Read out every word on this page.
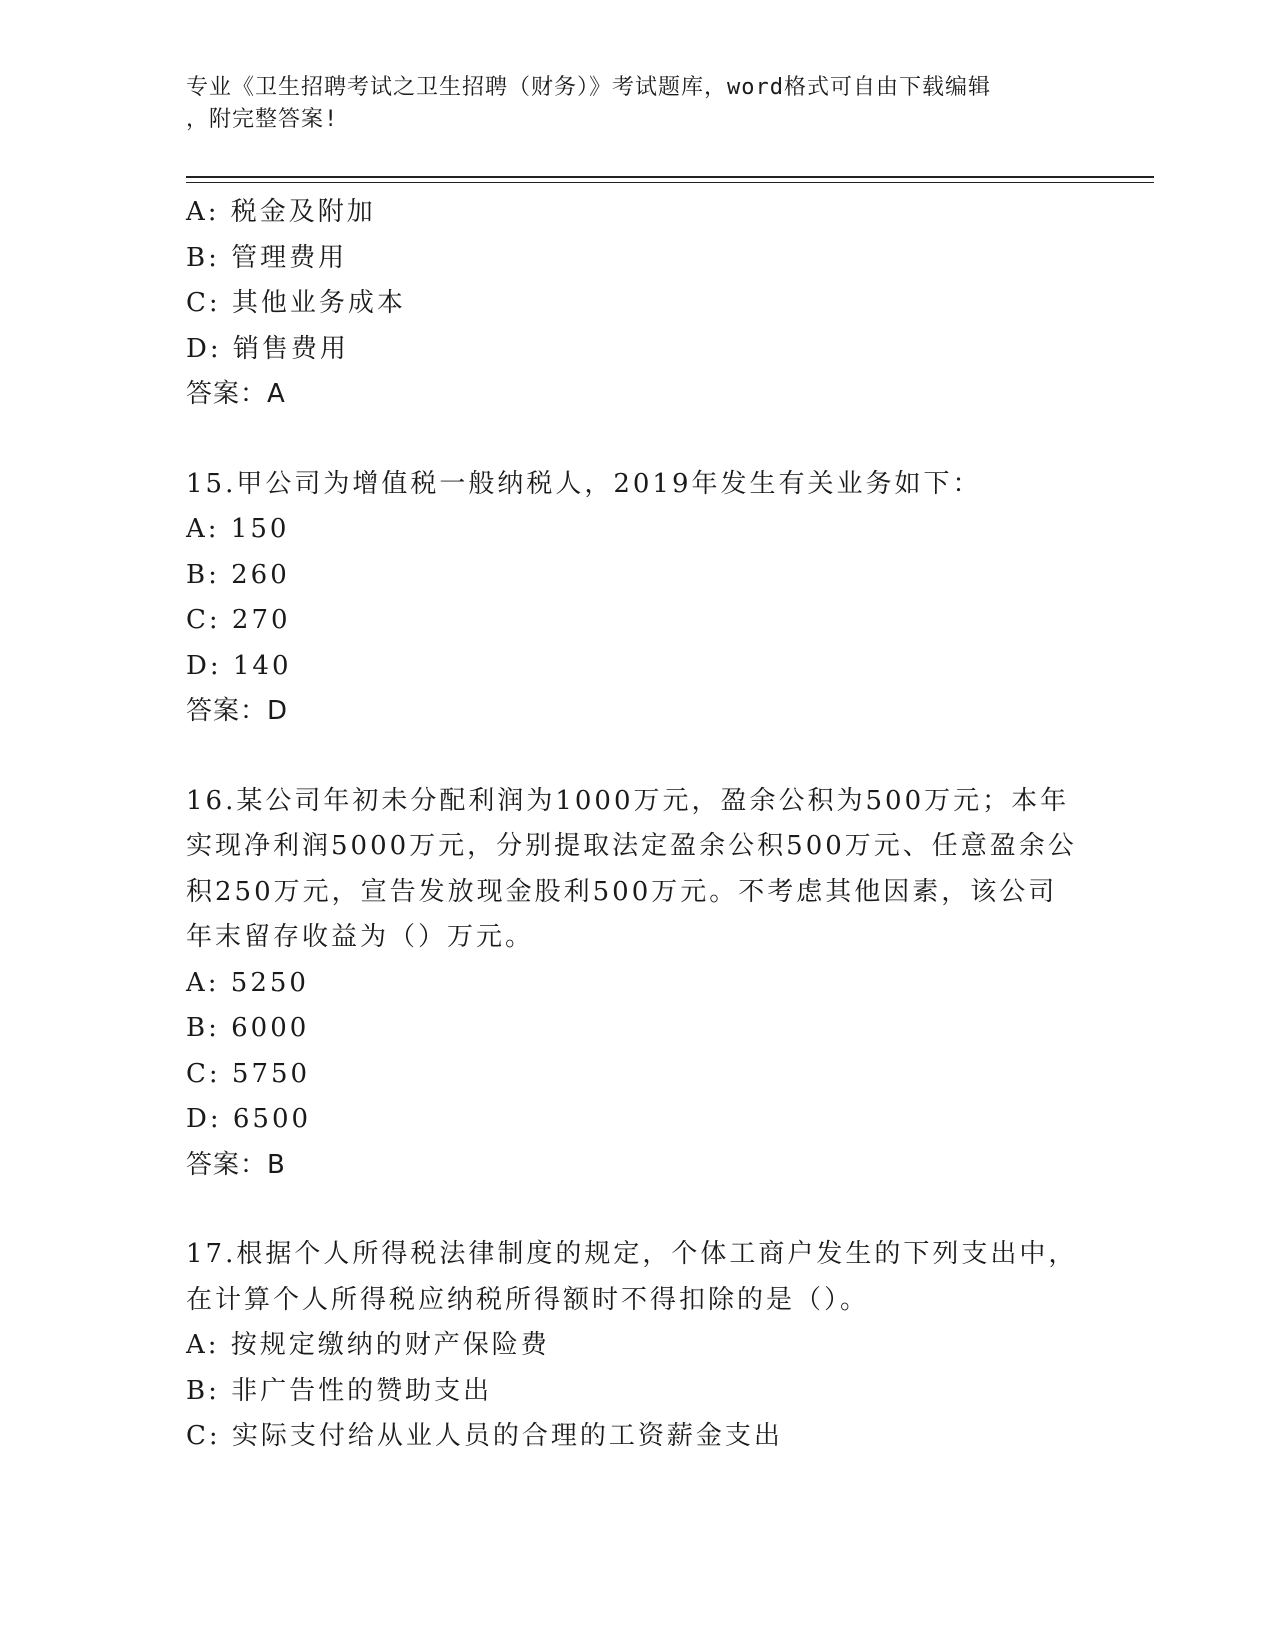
专业《卫生招聘考试之卫生招聘（财务）》考试题库，word格式可自由下载编辑
，附完整答案!
A: 税金及附加
B: 管理费用
C: 其他业务成本
D: 销售费用
答案：A
15.甲公司为增值税一般纳税人，2019年发生有关业务如下：
A: 150
B: 260
C: 270
D: 140
答案：D
16.某公司年初未分配利润为1000万元，盈余公积为500万元；本年
实现净利润5000万元，分别提取法定盈余公积500万元、任意盈余公
积250万元，宣告发放现金股利500万元。不考虑其他因素，该公司
年末留存收益为（）万元。
A: 5250
B: 6000
C: 5750
D: 6500
答案：B
17.根据个人所得税法律制度的规定，个体工商户发生的下列支出中，
在计算个人所得税应纳税所得额时不得扣除的是（）。
A: 按规定缴纳的财产保险费
B: 非广告性的赞助支出
C: 实际支付给从业人员的合理的工资薪金支出
